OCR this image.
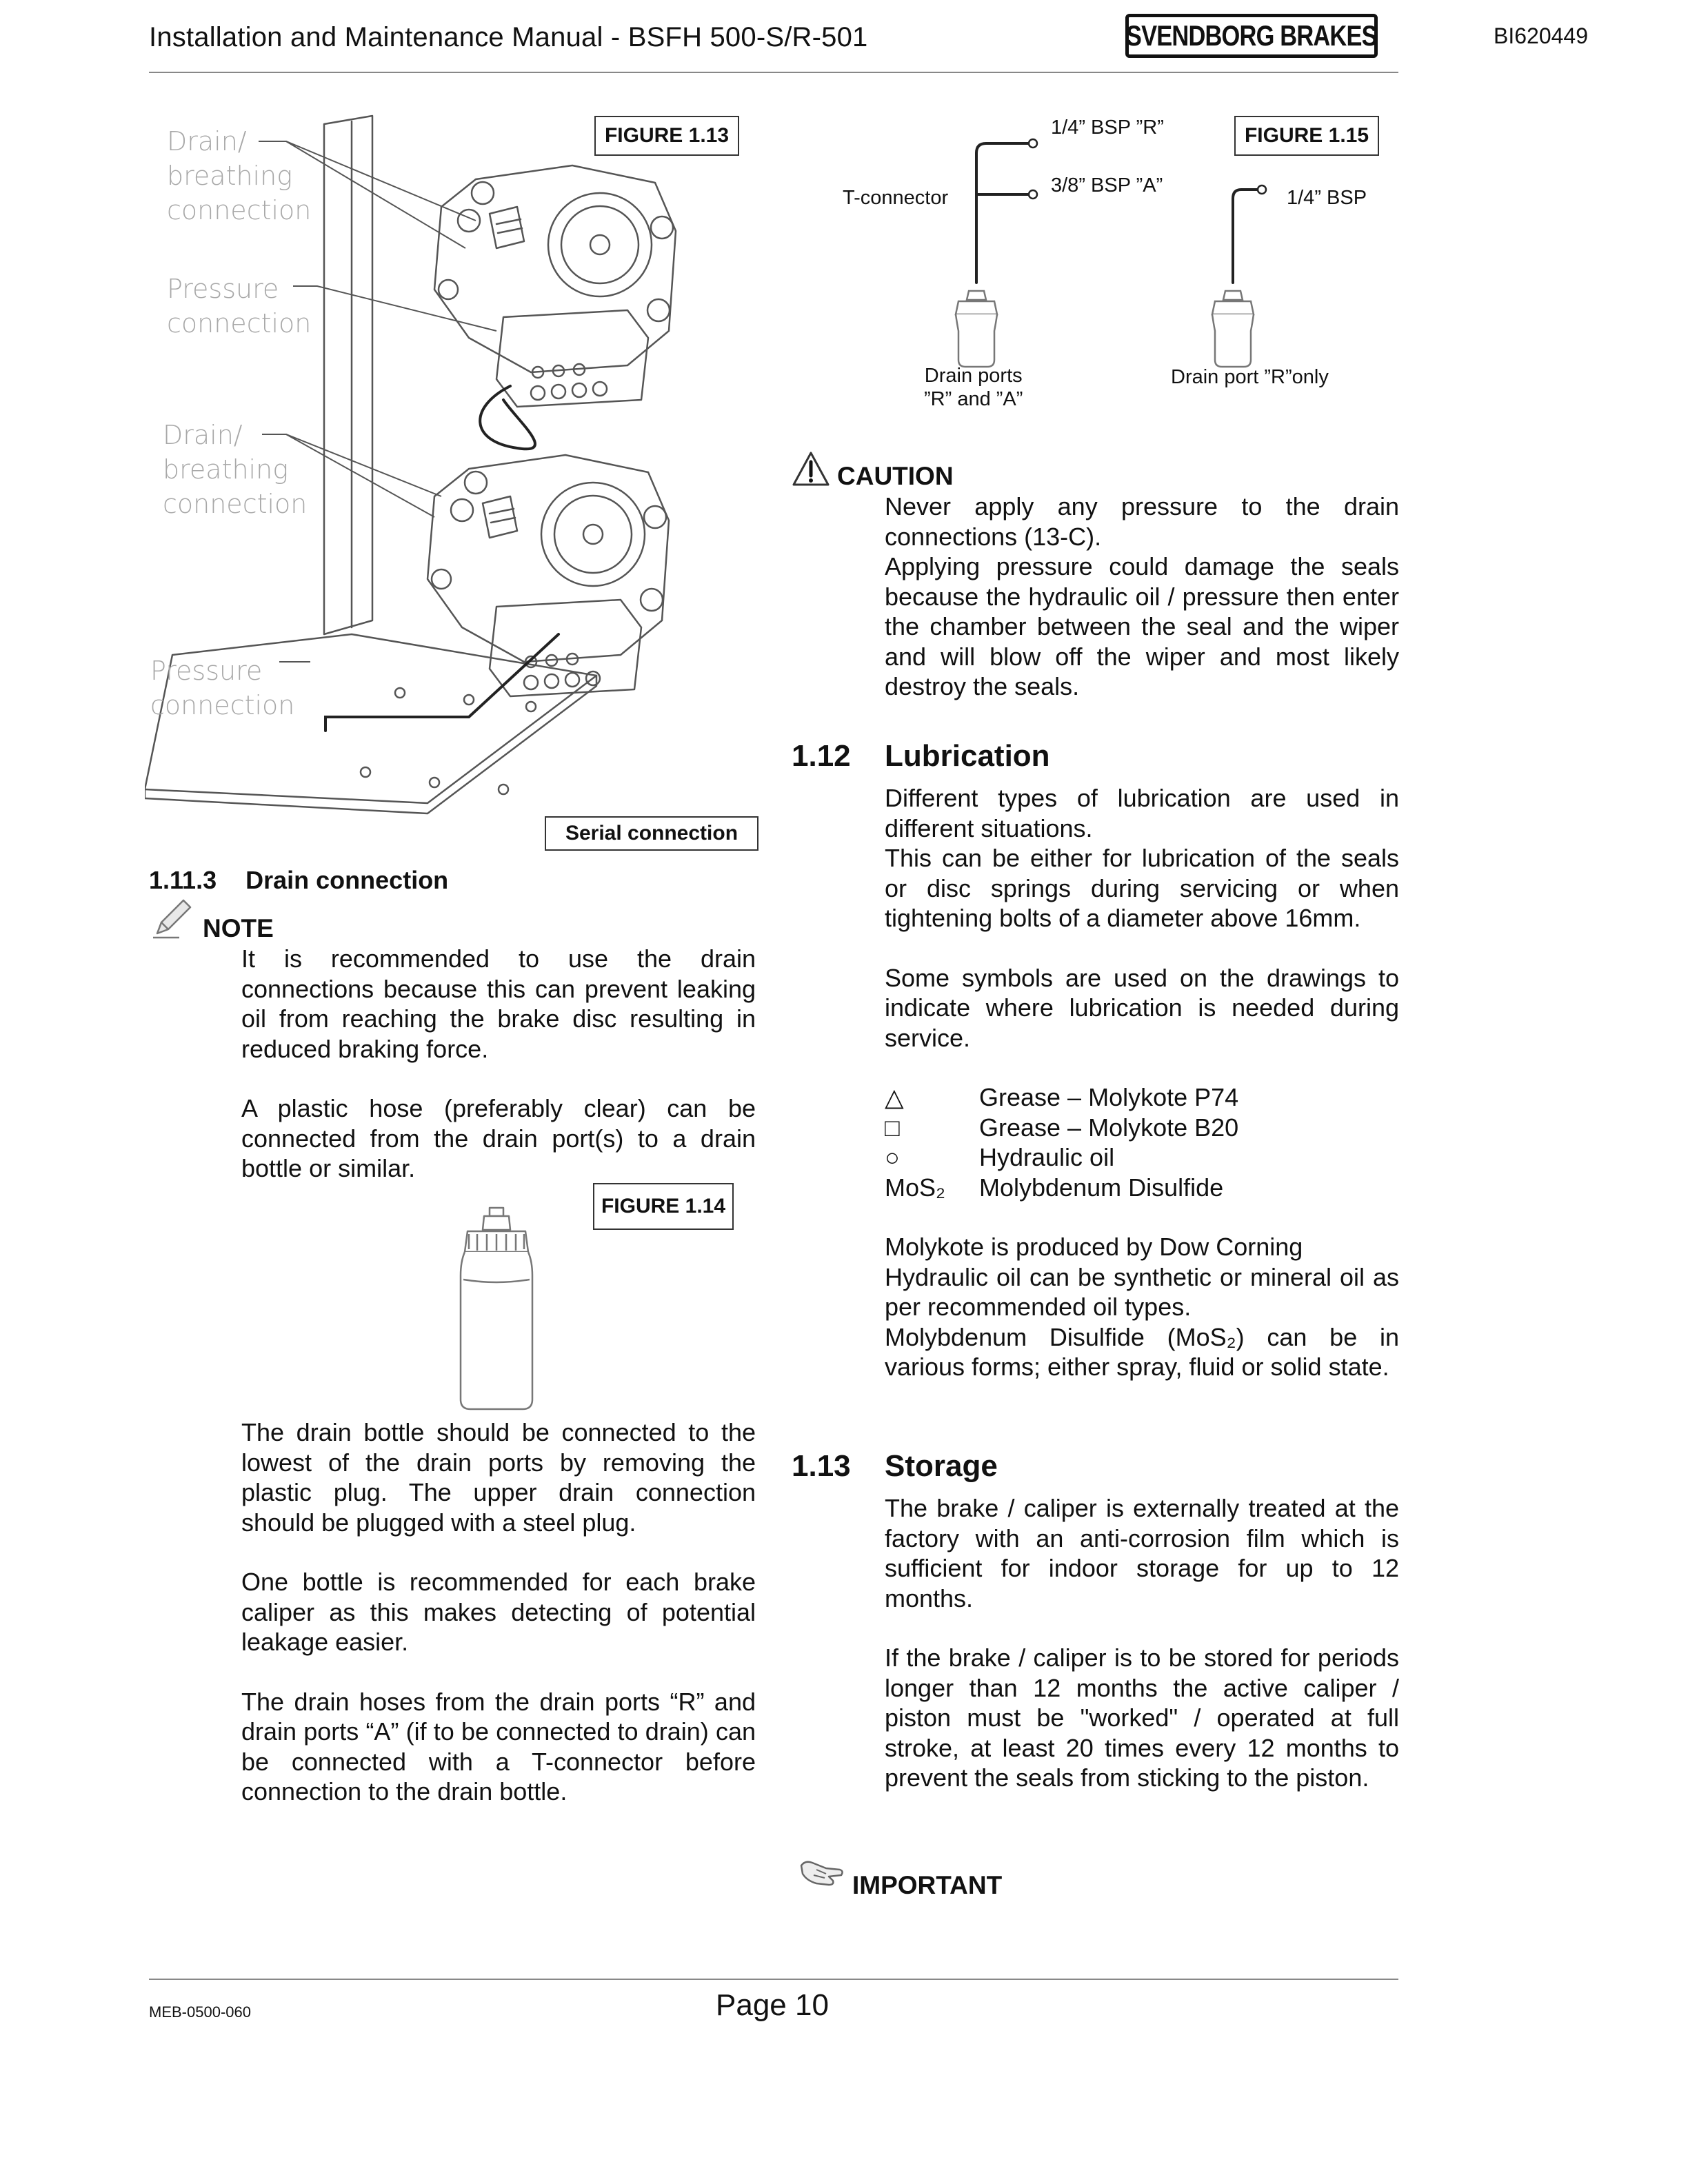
Installation and Maintenance Manual - BSFH 500-S/R-501	SVENDBORG BRAKES	BI620449
Drain/
breathing
connection
Pressure
connection
Drain/
breathing
connection
Pressure
connection
FIGURE 1.13
Serial connection
1/4” BSP ”R”
3/8” BSP ”A”
T-connector	1/4” BSP
Drain ports
”R” and ”A”
Drain port ”R”only
FIGURE 1.15
1.11.3 Drain connection
NOTE

It is recommended to use the drain connections because this can prevent leaking oil from reaching the brake disc resulting in reduced braking force.

A plastic hose (preferably clear) can be connected from the drain port(s) to a drain bottle or similar.

FIGURE 1.14

The drain bottle should be connected to the lowest of the drain ports by removing the plastic plug. The upper drain connection should be plugged with a steel plug.

One bottle is recommended for each brake caliper as this makes detecting of potential leakage easier.

The drain hoses from the drain ports “R” and drain ports “A” (if to be connected to drain) can be connected with a T-connector before connection to the drain bottle.

CAUTION

Never apply any pressure to the drain connections (13-C).

Applying pressure could damage the seals because the hydraulic oil / pressure then enter the chamber between the seal and the wiper and will blow off the wiper and most likely destroy the seals.

1.12 Lubrication

Different types of lubrication are used in different situations.

This can be either for lubrication of the seals or disc springs during servicing or when tightening bolts of a diameter above 16mm.

Some symbols are used on the drawings to indicate where lubrication is needed during service.

△	Grease – Molykote P74
□	Grease – Molykote B20
○	Hydraulic oil
MoS₂	Molybdenum Disulfide

Molykote is produced by Dow Corning

Hydraulic oil can be synthetic or mineral oil as per recommended oil types.

Molybdenum Disulfide (MoS₂) can be in various forms; either spray, fluid or solid state.

1.13 Storage

The brake / caliper is externally treated at the factory with an anti-corrosion film which is sufficient for indoor storage for up to 12 months.

If the brake / caliper is to be stored for periods longer than 12 months the active caliper / piston must be "worked" / operated at full stroke, at least 20 times every 12 months to prevent the seals from sticking to the piston.

IMPORTANT
MEB-0500-060	Page 10
